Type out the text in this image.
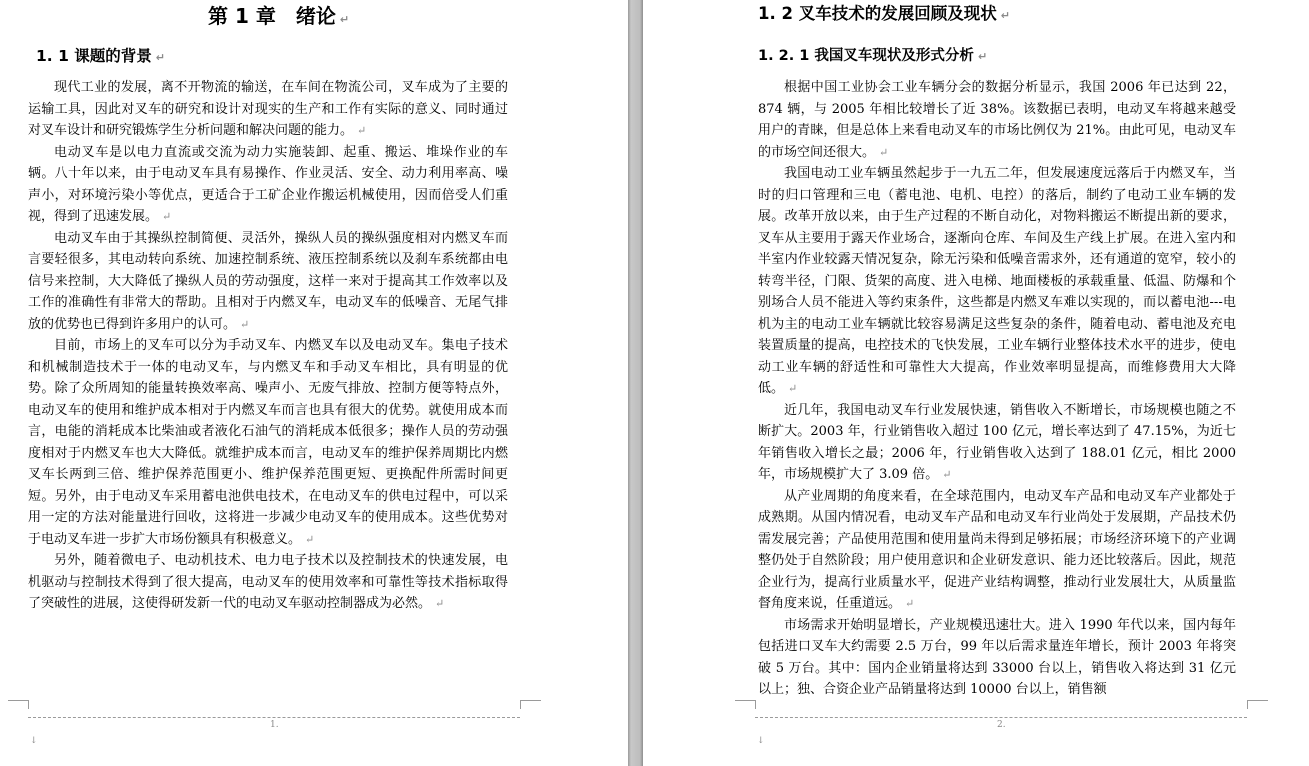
第 1 章　绪论 ↵
1. 1 课题的背景 ↵

现代工业的发展，离不开物流的输送，在车间在物流公司，叉车成为了主要的运输工具，因此对叉车的研究和设计对现实的生产和工作有实际的意义、同时通过对叉车设计和研究锻炼学生分析问题和解决问题的能力。 ↵

电动叉车是以电力直流或交流为动力实施装卸、起重、搬运、堆垛作业的车辆。八十年以来，由于电动叉车具有易操作、作业灵活、安全、动力利用率高、噪声小，对环境污染小等优点，更适合于工矿企业作搬运机械使用，因而倍受人们重视，得到了迅速发展。 ↵

电动叉车由于其操纵控制简便、灵活外，操纵人员的操纵强度相对内燃叉车而言要轻很多，其电动转向系统、加速控制系统、液压控制系统以及刹车系统都由电信号来控制，大大降低了操纵人员的劳动强度，这样一来对于提高其工作效率以及工作的准确性有非常大的帮助。且相对于内燃叉车，电动叉车的低噪音、无尾气排放的优势也已得到许多用户的认可。 ↵

目前，市场上的叉车可以分为手动叉车、内燃叉车以及电动叉车。集电子技术和机械制造技术于一体的电动叉车，与内燃叉车和手动叉车相比，具有明显的优势。除了众所周知的能量转换效率高、噪声小、无废气排放、控制方便等特点外，电动叉车的使用和维护成本相对于内燃叉车而言也具有很大的优势。就使用成本而言，电能的消耗成本比柴油或者液化石油气的消耗成本低很多；操作人员的劳动强度相对于内燃叉车也大大降低。就维护成本而言，电动叉车的维护保养周期比内燃叉车长两到三倍、维护保养范围更小、维护保养范围更短、更换配件所需时间更短。另外，由于电动叉车采用蓄电池供电技术，在电动叉车的供电过程中，可以采用一定的方法对能量进行回收，这将进一步减少电动叉车的使用成本。这些优势对于电动叉车进一步扩大市场份额具有积极意义。 ↵

另外，随着微电子、电动机技术、电力电子技术以及控制技术的快速发展，电机驱动与控制技术得到了很大提高，电动叉车的使用效率和可靠性等技术指标取得了突破性的进展，这使得研发新一代的电动叉车驱动控制器成为必然。 ↵

1.
↓
1. 2 叉车技术的发展回顾及现状 ↵
1. 2. 1 我国叉车现状及形式分析 ↵

根据中国工业协会工业车辆分会的数据分析显示，我国 2006 年已达到 22，874 辆，与 2005 年相比较增长了近 38%。该数据已表明，电动叉车将越来越受用户的青睐，但是总体上来看电动叉车的市场比例仅为 21%。由此可见，电动叉车的市场空间还很大。 ↵

我国电动工业车辆虽然起步于一九五二年，但发展速度远落后于内燃叉车，当时的归口管理和三电（蓄电池、电机、电控）的落后，制约了电动工业车辆的发展。改革开放以来，由于生产过程的不断自动化，对物料搬运不断提出新的要求，叉车从主要用于露天作业场合，逐渐向仓库、车间及生产线上扩展。在进入室内和半室内作业较露天情况复杂，除无污染和低噪音需求外，还有通道的宽窄，较小的转弯半径，门限、货架的高度、进入电梯、地面楼板的承载重量、低温、防爆和个别场合人员不能进入等约束条件，这些都是内燃叉车难以实现的，而以蓄电池---电机为主的电动工业车辆就比较容易满足这些复杂的条件，随着电动、蓄电池及充电装置质量的提高，电控技术的飞快发展，工业车辆行业整体技术水平的进步，使电动工业车辆的舒适性和可靠性大大提高，作业效率明显提高，而维修费用大大降低。 ↵

近几年，我国电动叉车行业发展快速，销售收入不断增长，市场规模也随之不断扩大。2003 年，行业销售收入超过 100 亿元，增长率达到了 47.15%，为近七年销售收入增长之最；2006 年，行业销售收入达到了 188.01 亿元，相比 2000 年，市场规模扩大了 3.09 倍。 ↵

从产业周期的角度来看，在全球范围内，电动叉车产品和电动叉车产业都处于成熟期。从国内情况看，电动叉车产品和电动叉车行业尚处于发展期，产品技术仍需发展完善；产品使用范围和使用量尚未得到足够拓展；市场经济环境下的产业调整仍处于自然阶段；用户使用意识和企业研发意识、能力还比较落后。因此，规范企业行为，提高行业质量水平，促进产业结构调整，推动行业发展壮大，从质量监督角度来说，任重道远。 ↵

市场需求开始明显增长，产业规模迅速壮大。进入 1990 年代以来，国内每年包括进口叉车大约需要 2.5 万台，99 年以后需求量连年增长，预计 2003 年将突破 5 万台。其中：国内企业销量将达到 33000 台以上，销售收入将达到 31 亿元以上；独、合资企业产品销量将达到 10000 台以上，销售额

2.
↓
